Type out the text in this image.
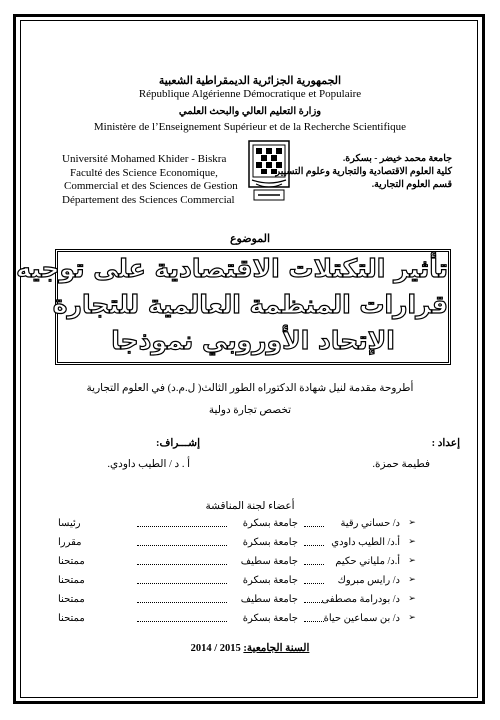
الجمهورية الجزائرية الديمقراطية الشعبية
République Algérienne Démocratique et Populaire
وزارة التعليم العالي والبحث العلمي
Ministère de l’Enseignement Supérieur et de la Recherche Scientifique
Université Mohamed Khider - Biskra
Faculté des Science Economique,
Commercial et des Sciences de Gestion
Département des Sciences Commercial
جامعة محمد خيضر - بسكرة.
كلية العلوم الاقتصادية والتجارية وعلوم التسيير
قسم العلوم التجارية.
الموضوع
تأثير التكتلات الاقتصادية على توجيه
قرارات المنظمة العالمية للتجارة
الإتحاد الأوروبي نموذجا
أطروحة مقدمة لنيل شهادة الدكتوراه الطور الثالث( ل.م.د) في العلوم التجارية
تخصص تجارة دولية
إعداد :
فطيمة حمزة.
إشـــراف:
أ . د / الطيب داودي.
أعضاء لجنة المناقشة
➢
د/ حساني رقية
جامعة بسكرة
رئيسا
➢
أ.د/ الطيب داودي
جامعة بسكرة
مقررا
➢
أ.د/ ملياني حكيم
جامعة سطيف
ممتحنا
➢
د/ رايس مبروك
جامعة بسكرة
ممتحنا
➢
د/ بودرامة مصطفى
جامعة سطيف
ممتحنا
➢
د/ بن سماعين حياة
جامعة بسكرة
ممتحنا
السنة الجامعية: 2014 / 2015
